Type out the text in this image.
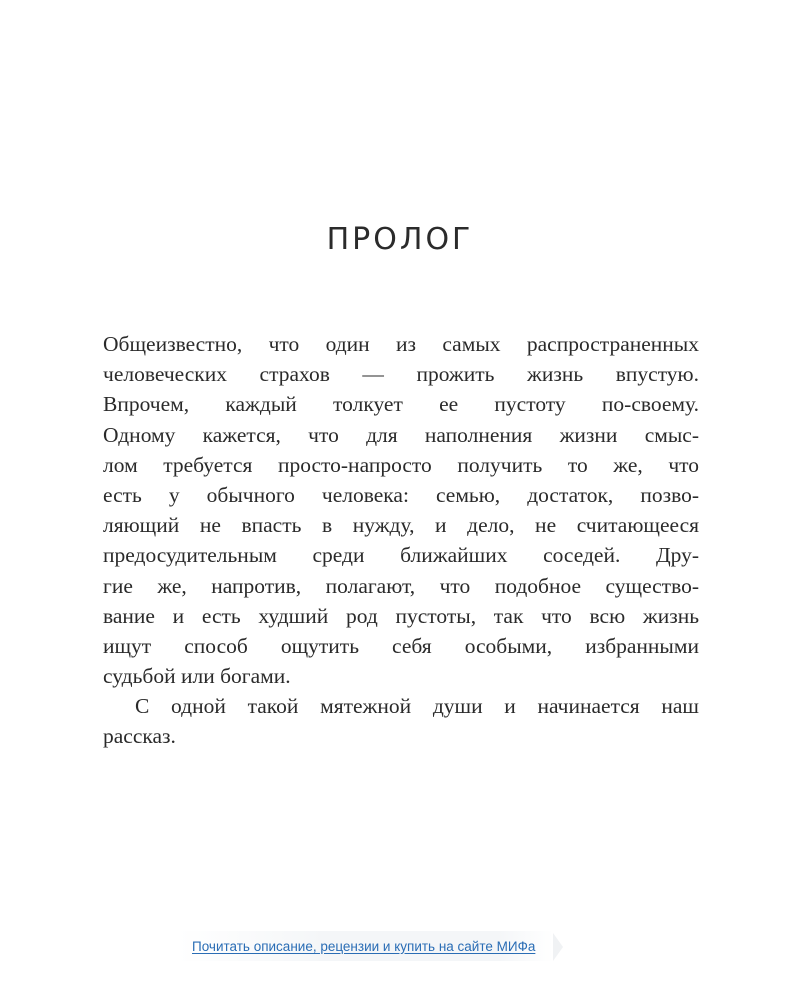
ПРОЛОГ
Общеизвестно, что один из самых распространенных
человеческих страхов — прожить жизнь впустую.
Впрочем, каждый толкует ее пустоту по-своему.
Одному кажется, что для наполнения жизни смыс-
лом требуется просто-напросто получить то же, что
есть у обычного человека: семью, достаток, позво-
ляющий не впасть в нужду, и дело, не считающееся
предосудительным среди ближайших соседей. Дру-
гие же, напротив, полагают, что подобное существо-
вание и есть худший род пустоты, так что всю жизнь
ищут способ ощутить себя особыми, избранными
судьбой или богами.
С одной такой мятежной души и начинается наш
рассказ.
Почитать описание, рецензии и купить на сайте МИФа
